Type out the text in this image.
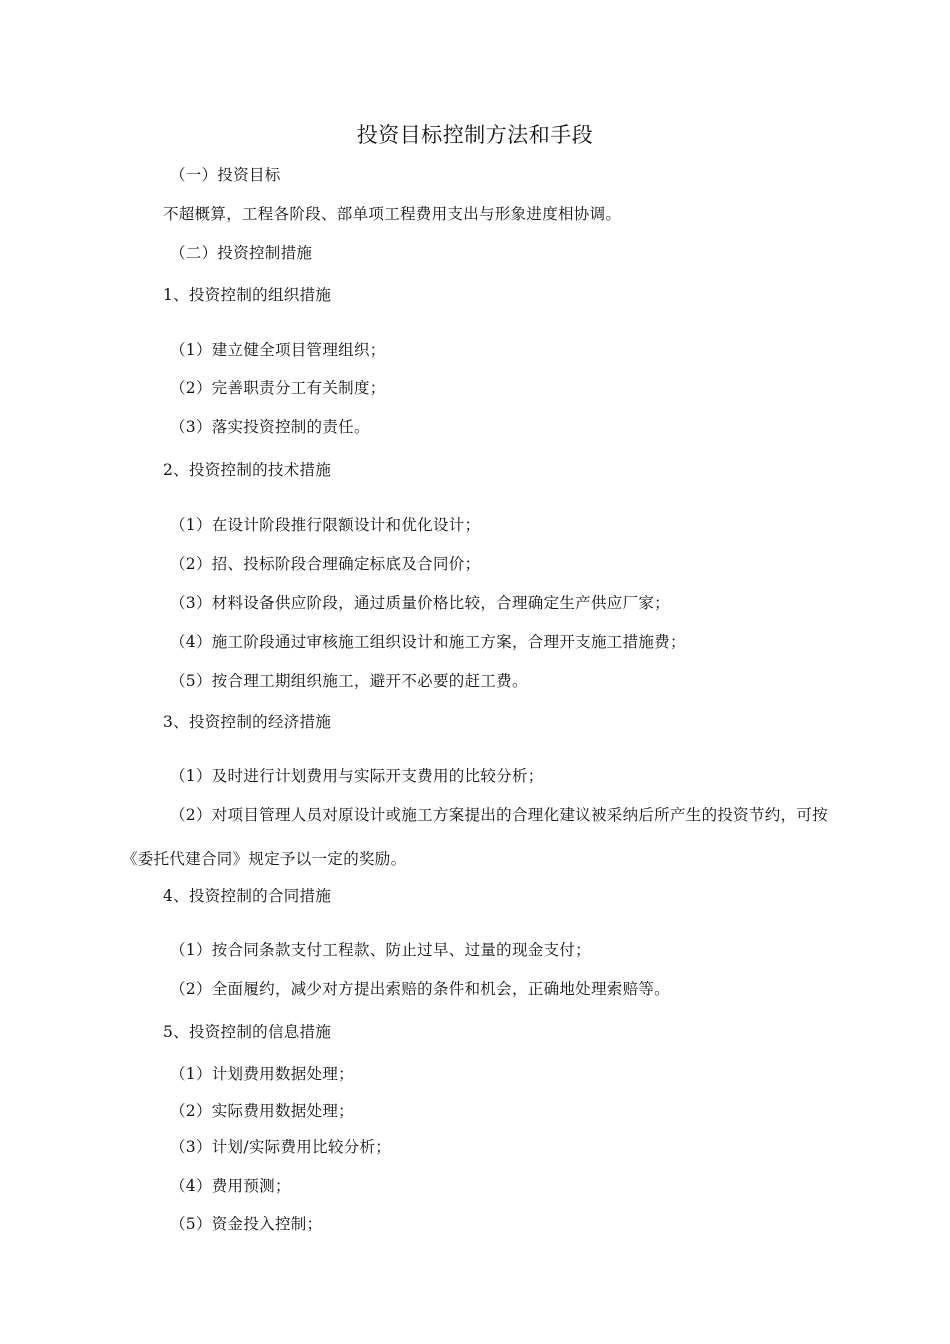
投资目标控制方法和手段
（一）投资目标
不超概算，工程各阶段、部单项工程费用支出与形象进度相协调。
（二）投资控制措施
1、投资控制的组织措施
（1）建立健全项目管理组织；
（2）完善职责分工有关制度；
（3）落实投资控制的责任。
2、投资控制的技术措施
（1）在设计阶段推行限额设计和优化设计；
（2）招、投标阶段合理确定标底及合同价；
（3）材料设备供应阶段，通过质量价格比较，合理确定生产供应厂家；
（4）施工阶段通过审核施工组织设计和施工方案，合理开支施工措施费；
（5）按合理工期组织施工，避开不必要的赶工费。
3、投资控制的经济措施
（1）及时进行计划费用与实际开支费用的比较分析；
（2）对项目管理人员对原设计或施工方案提出的合理化建议被采纳后所产生的投资节约，可按《委托代建合同》规定予以一定的奖励。
4、投资控制的合同措施
（1）按合同条款支付工程款、防止过早、过量的现金支付；
（2）全面履约，减少对方提出索赔的条件和机会，正确地处理索赔等。
5、投资控制的信息措施
（1）计划费用数据处理；
（2）实际费用数据处理；
（3）计划/实际费用比较分析；
（4）费用预测；
（5）资金投入控制；
